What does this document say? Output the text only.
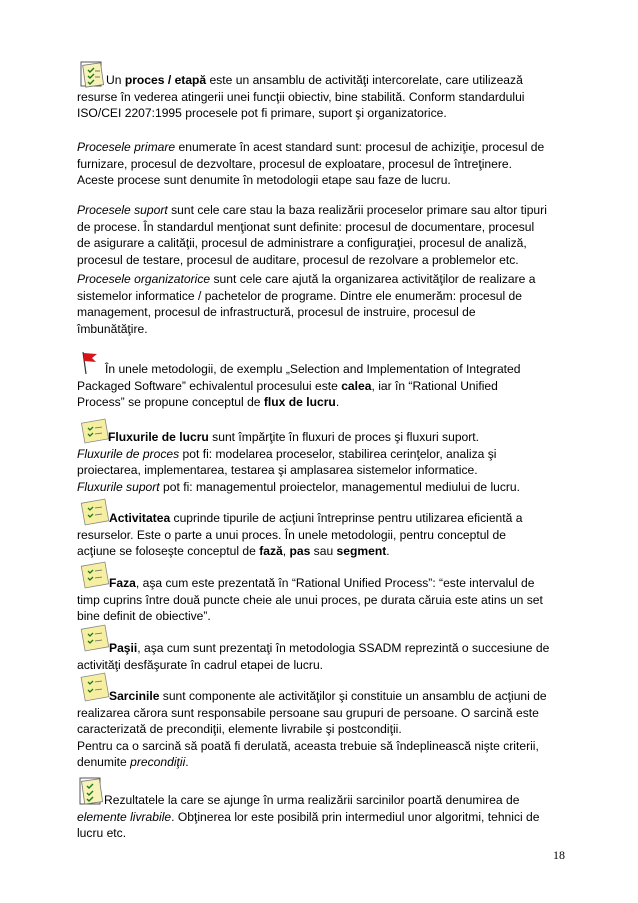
Un proces / etapă este un ansamblu de activităţi intercorelate, care utilizează
resurse în vederea atingerii unei funcţii obiectiv, bine stabilită. Conform standardului
ISO/CEI 2207:1995 procesele pot fi primare, suport şi organizatorice.
Procesele primare enumerate în acest standard sunt: procesul de achiziţie, procesul de
furnizare, procesul de dezvoltare, procesul de exploatare, procesul de întreţinere.
Aceste procese sunt denumite în metodologii etape sau faze de lucru.
Procesele suport sunt cele care stau la baza realizării proceselor primare sau altor tipuri
de procese. În standardul menţionat sunt definite: procesul de documentare, procesul
de asigurare a calităţii, procesul de administrare a configuraţiei, procesul de analiză,
procesul de testare, procesul de auditare, procesul de rezolvare a problemelor etc.
Procesele organizatorice sunt cele care ajută la organizarea activităţilor de realizare a
sistemelor informatice / pachetelor de programe. Dintre ele enumerăm: procesul de
management, procesul de infrastructură, procesul de instruire, procesul de
îmbunătăţire.
În unele metodologii, de exemplu „Selection and Implementation of Integrated
Packaged Software” echivalentul procesului este calea, iar în “Rational Unified
Process” se propune conceptul de flux de lucru.
Fluxurile de lucru sunt împărţite în fluxuri de proces şi fluxuri suport.
Fluxurile de proces pot fi: modelarea proceselor, stabilirea cerinţelor, analiza şi
proiectarea, implementarea, testarea şi amplasarea sistemelor informatice.
Fluxurile suport pot fi: managementul proiectelor, managementul mediului de lucru.
Activitatea cuprinde tipurile de acţiuni întreprinse pentru utilizarea eficientă a
resurselor. Este o parte a unui proces. În unele metodologii, pentru conceptul de
acţiune se foloseşte conceptul de fază, pas sau segment.
Faza, aşa cum este prezentată în “Rational Unified Process”: “este intervalul de
timp cuprins între două puncte cheie ale unui proces, pe durata căruia este atins un set
bine definit de obiective”.
Paşii, aşa cum sunt prezentaţi în metodologia SSADM reprezintă o succesiune de
activităţi desfăşurate în cadrul etapei de lucru.
Sarcinile sunt componente ale activităţilor şi constituie un ansamblu de acţiuni de
realizarea cărora sunt responsabile persoane sau grupuri de persoane. O sarcină este
caracterizată de precondiţii, elemente livrabile şi postcondiţii.
Pentru ca o sarcină să poată fi derulată, aceasta trebuie să îndeplinească nişte criterii,
denumite precondiţii.
Rezultatele la care se ajunge în urma realizării sarcinilor poartă denumirea de
elemente livrabile. Obţinerea lor este posibilă prin intermediul unor algoritmi, tehnici de
lucru etc.
18
